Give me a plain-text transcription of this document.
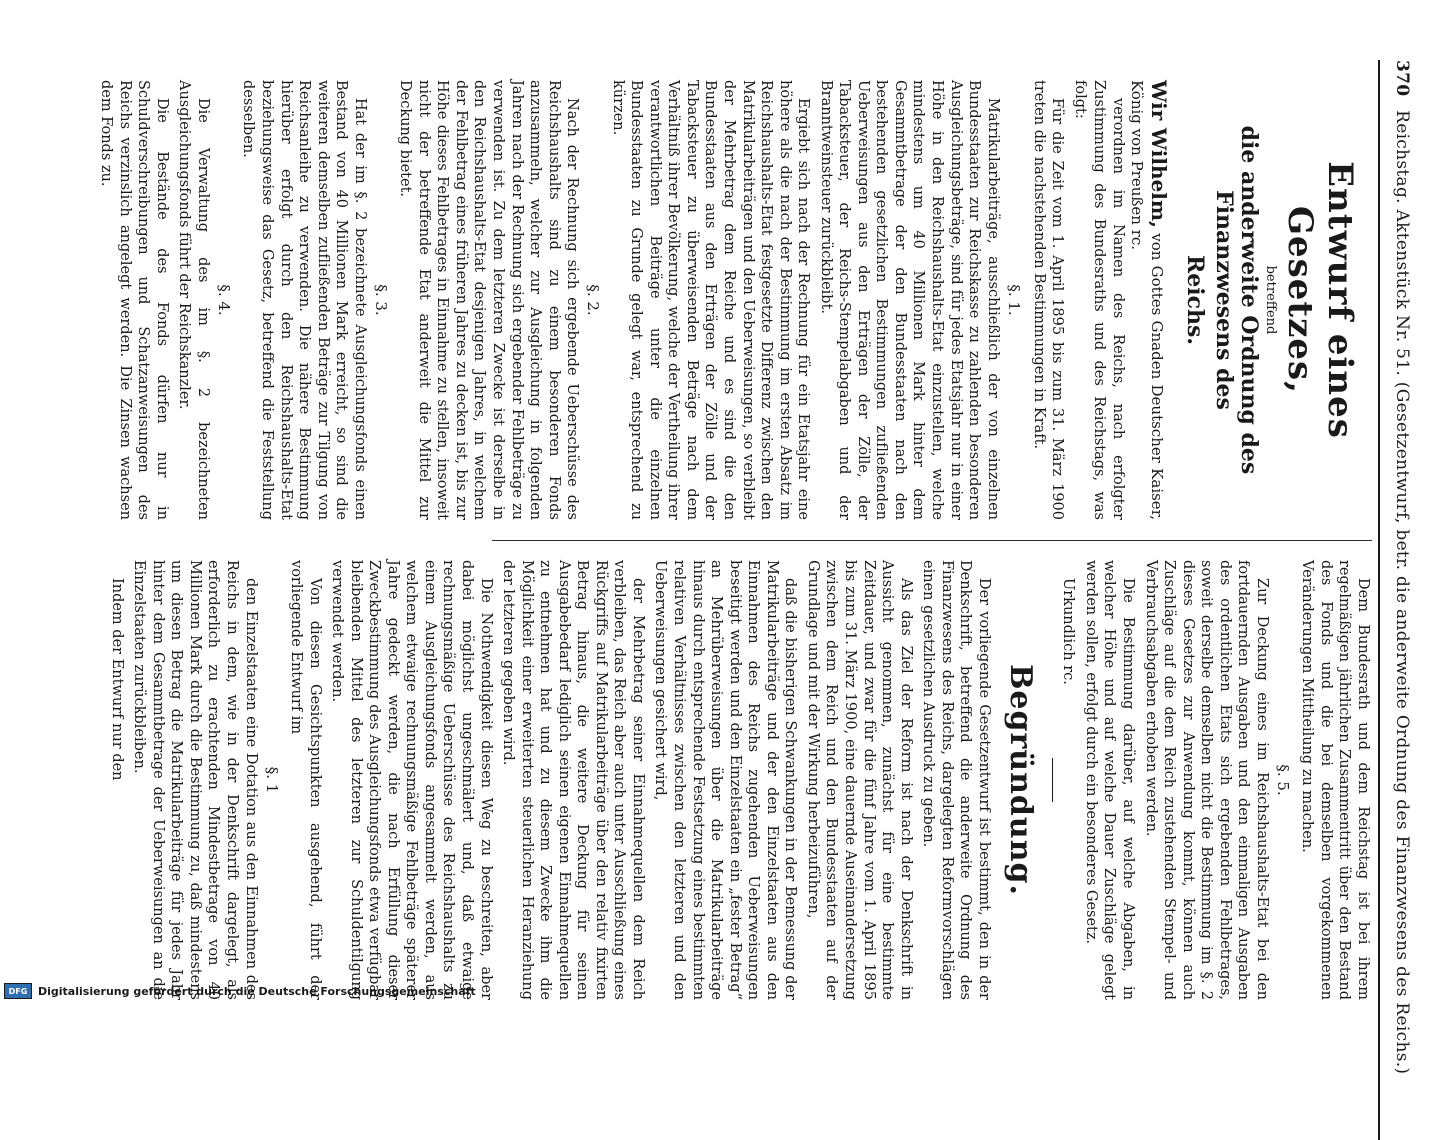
370 Reichstag. Aktenstück Nr. 51. (Gesetzentwurf, betr. die anderweite Ordnung des Finanzwesens des Reichs.)
Entwurf eines Gesetzes,
betreffend
die anderweite Ordnung des Finanzwesens des
Reichs.

Wir Wilhelm, von Gottes Gnaden Deutscher Kaiser, König von Preußen rc.

verordnen im Namen des Reichs, nach erfolgter Zustimmung des Bundesraths und des Reichstags, was folgt:

Für die Zeit vom 1. April 1895 bis zum 31. März 1900 treten die nachstehenden Bestimmungen in Kraft.

§. 1.

Matrikularbeiträge, ausschließlich der von einzelnen Bundesstaaten zur Reichskasse zu zahlenden besonderen Ausgleichungsbeträge, sind für jedes Etatsjahr nur in einer Höhe in den Reichshaushalts-Etat einzustellen, welche mindestens um 40 Millionen Mark hinter dem Gesammtbetrage der den Bundesstaaten nach den bestehenden gesetzlichen Bestimmungen zufließenden Ueberweisungen aus den Erträgen der Zölle, der Tabacksteuer, der Reichs-Stempelabgaben und der Branntweinsteuer zurückbleibt.

Ergiebt sich nach der Rechnung für ein Etatsjahr eine höhere als die nach der Bestimmung im ersten Absatz im Reichshaushalts-Etat festgesetzte Differenz zwischen den Matrikularbeiträgen und den Ueberweisungen, so verbleibt der Mehrbetrag dem Reiche und es sind die den Bundesstaaten aus den Erträgen der Zölle und der Tabacksteuer zu überweisenden Beträge nach dem Verhältniß ihrer Bevölkerung, welche der Vertheilung ihrer verantwortlichen Beiträge unter die einzelnen Bundesstaaten zu Grunde gelegt war, entsprechend zu kürzen.

§. 2.

Nach der Rechnung sich ergebende Ueberschüsse des Reichshaushalts sind zu einem besonderen Fonds anzusammeln, welcher zur Ausgleichung in folgenden Jahren nach der Rechnung sich ergebender Fehlbeträge zu verwenden ist. Zu dem letzteren Zwecke ist derselbe in den Reichshaushalts-Etat desjenigen Jahres, in welchem der Fehlbetrag eines früheren Jahres zu decken ist, bis zur Höhe dieses Fehlbetrages in Einnahme zu stellen, insoweit nicht der betreffende Etat anderweit die Mittel zur Deckung bietet.

§. 3.

Hat der im §. 2 bezeichnete Ausgleichungsfonds einen Bestand von 40 Millionen Mark erreicht, so sind die weiteren demselben zufließenden Beträge zur Tilgung von Reichsanleihe zu verwenden. Die nähere Bestimmung hierüber erfolgt durch den Reichshaushalts-Etat beziehungsweise das Gesetz, betreffend die Feststellung desselben.

§. 4.

Die Verwaltung des im §. 2 bezeichneten Ausgleichungsfonds führt der Reichskanzler.

Die Bestände des Fonds dürfen nur in Schuldverschreibungen und Schatzanweisungen des Reichs verzinslich angelegt werden. Die Zinsen wachsen dem Fonds zu.

Dem Bundesrath und dem Reichstag ist bei ihrem regelmäßigen jährlichen Zusammentritt über den Bestand des Fonds und die bei demselben vorgekommenen Veränderungen Mittheilung zu machen.

§. 5.

Zur Deckung eines im Reichshaushalts-Etat bei den fortdauernden Ausgaben und den einmaligen Ausgaben des ordentlichen Etats sich ergebenden Fehlbetrages, soweit derselbe demselben nicht die Bestimmung im §. 2 dieses Gesetzes zur Anwendung kommt, können auch Zuschläge auf die dem Reich zustehenden Stempel- und Verbrauchsabgaben erhoben werden.

Die Bestimmung darüber, auf welche Abgaben, in welcher Höhe und auf welche Dauer Zuschläge gelegt werden sollen, erfolgt durch ein besonderes Gesetz.

Urkundlich rc.

Begründung.

Der vorliegende Gesetzentwurf ist bestimmt, den in der Denkschrift, betreffend die anderweite Ordnung des Finanzwesens des Reichs, dargelegten Reformvorschlägen einen gesetzlichen Ausdruck zu geben.

Als das Ziel der Reform ist nach der Denkschrift in Aussicht genommen, zunächst für eine bestimmte Zeitdauer, und zwar für die fünf Jahre vom 1. April 1895 bis zum 31. März 1900, eine dauernde Auseinandersetzung zwischen dem Reich und den Bundesstaaten auf der Grundlage und mit der Wirkung herbeizuführen,

daß die bisherigen Schwankungen in der Bemessung der Matrikularbeiträge und der den Einzelstaaten aus den Einnahmen des Reichs zugehenden Ueberweisungen beseitigt werden und den Einzelstaaten ein „fester Betrag“ an Mehrüberweisungen über die Matrikularbeiträge hinaus durch entsprechende Festsetzung eines bestimmten relativen Verhältnisses zwischen den letzteren und den Ueberweisungen gesichert wird,

der Mehrbetrag seiner Einnahmequellen dem Reich verbleiben, das Reich aber auch unter Ausschließung eines Rückgriffs auf Matrikularbeiträge über den relativ fixirten Betrag hinaus, die weitere Deckung für seinen Ausgabebedarf lediglich seinen eigenen Einnahmequellen zu entnehmen hat und zu diesem Zwecke ihm die Möglichkeit einer erweiterten steuerlichen Heranziehung der letzteren gegeben wird.

Die Nothwendigkeit diesen Weg zu beschreiten, aber dabei möglichst ungeschmälert und, daß etwaige rechnungsmäßige Ueberschüsse des Reichshaushalts zu einem Ausgleichungsfonds angesammelt werden, aus welchem etwaige rechnungsmäßige Fehlbeträge späterer Jahre gedeckt werden, die nach Erfüllung dieser Zweckbestimmung des Ausgleichungsfonds etwa verfügbar bleibenden Mittel des letzteren zur Schuldentilgung verwendet werden.

Von diesen Gesichtspunkten ausgehend, führt der vorliegende Entwurf im

§. 1

den Einzelstaaten eine Dotation aus den Einnahmen des Reichs in dem, wie in der Denkschrift dargelegt, als erforderlich zu erachtenden Mindestbetrage von 40 Millionen Mark durch die Bestimmung zu, daß mindestens um diesen Betrag die Matrikularbeiträge für jedes Jahr hinter dem Gesammtbetrage der Ueberweisungen an die Einzelstaaten zurückbleiben.

Indem der Entwurf nur den

DFG Digitalisierung gefördert durch die Deutsche Forschungsgemeinschaft
